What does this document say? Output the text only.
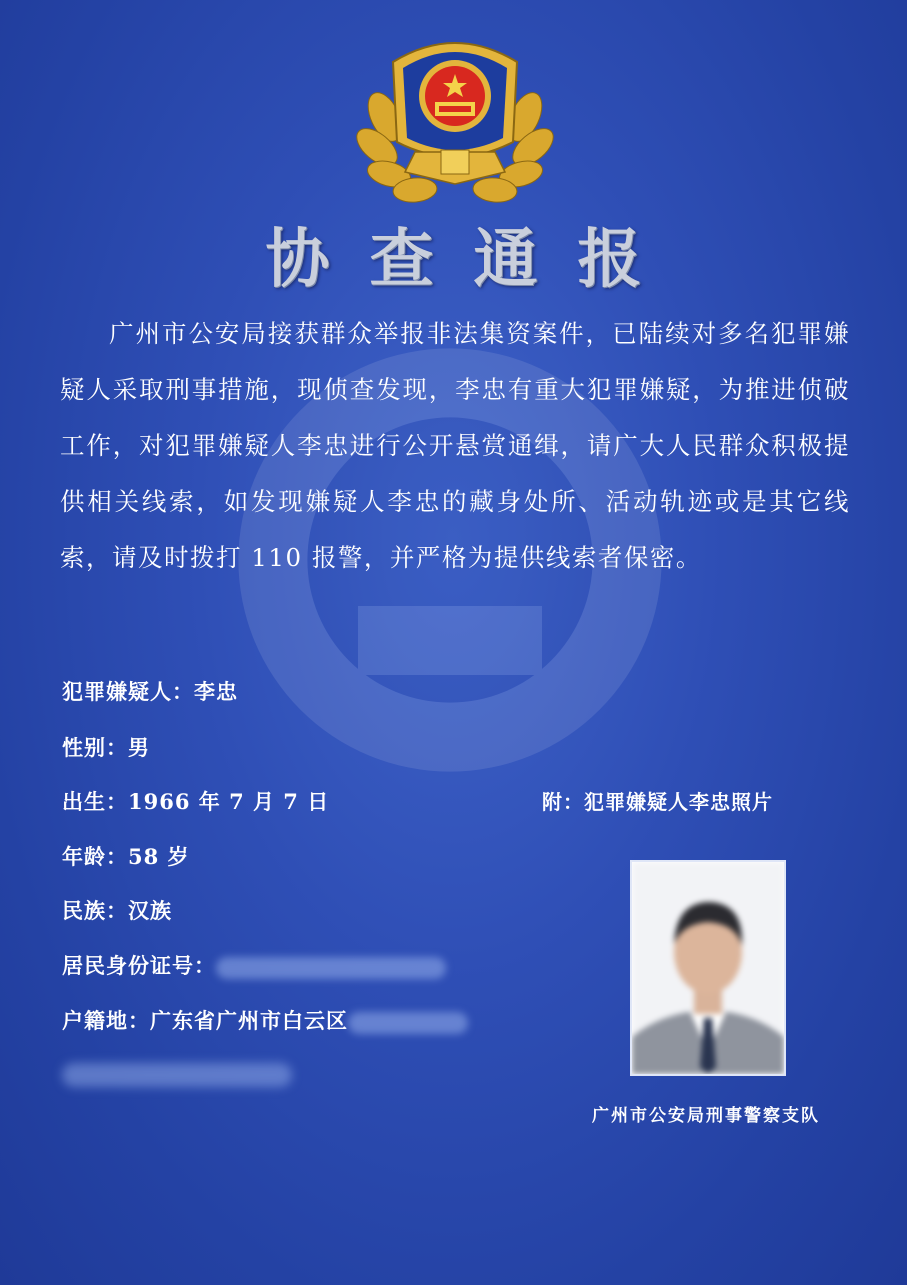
协查通报

广州市公安局接获群众举报非法集资案件，已陆续对多名犯罪嫌疑人采取刑事措施，现侦查发现，李忠有重大犯罪嫌疑，为推进侦破工作，对犯罪嫌疑人李忠进行公开悬赏通缉，请广大人民群众积极提供相关线索，如发现嫌疑人李忠的藏身处所、活动轨迹或是其它线索，请及时拨打 110 报警，并严格为提供线索者保密。

犯罪嫌疑人：李忠
性别：男
出生：1966 年 7 月 7 日
年龄：58 岁
民族：汉族
居民身份证号：
户籍地：广东省广州市白云区
附：犯罪嫌疑人李忠照片
广州市公安局刑事警察支队
